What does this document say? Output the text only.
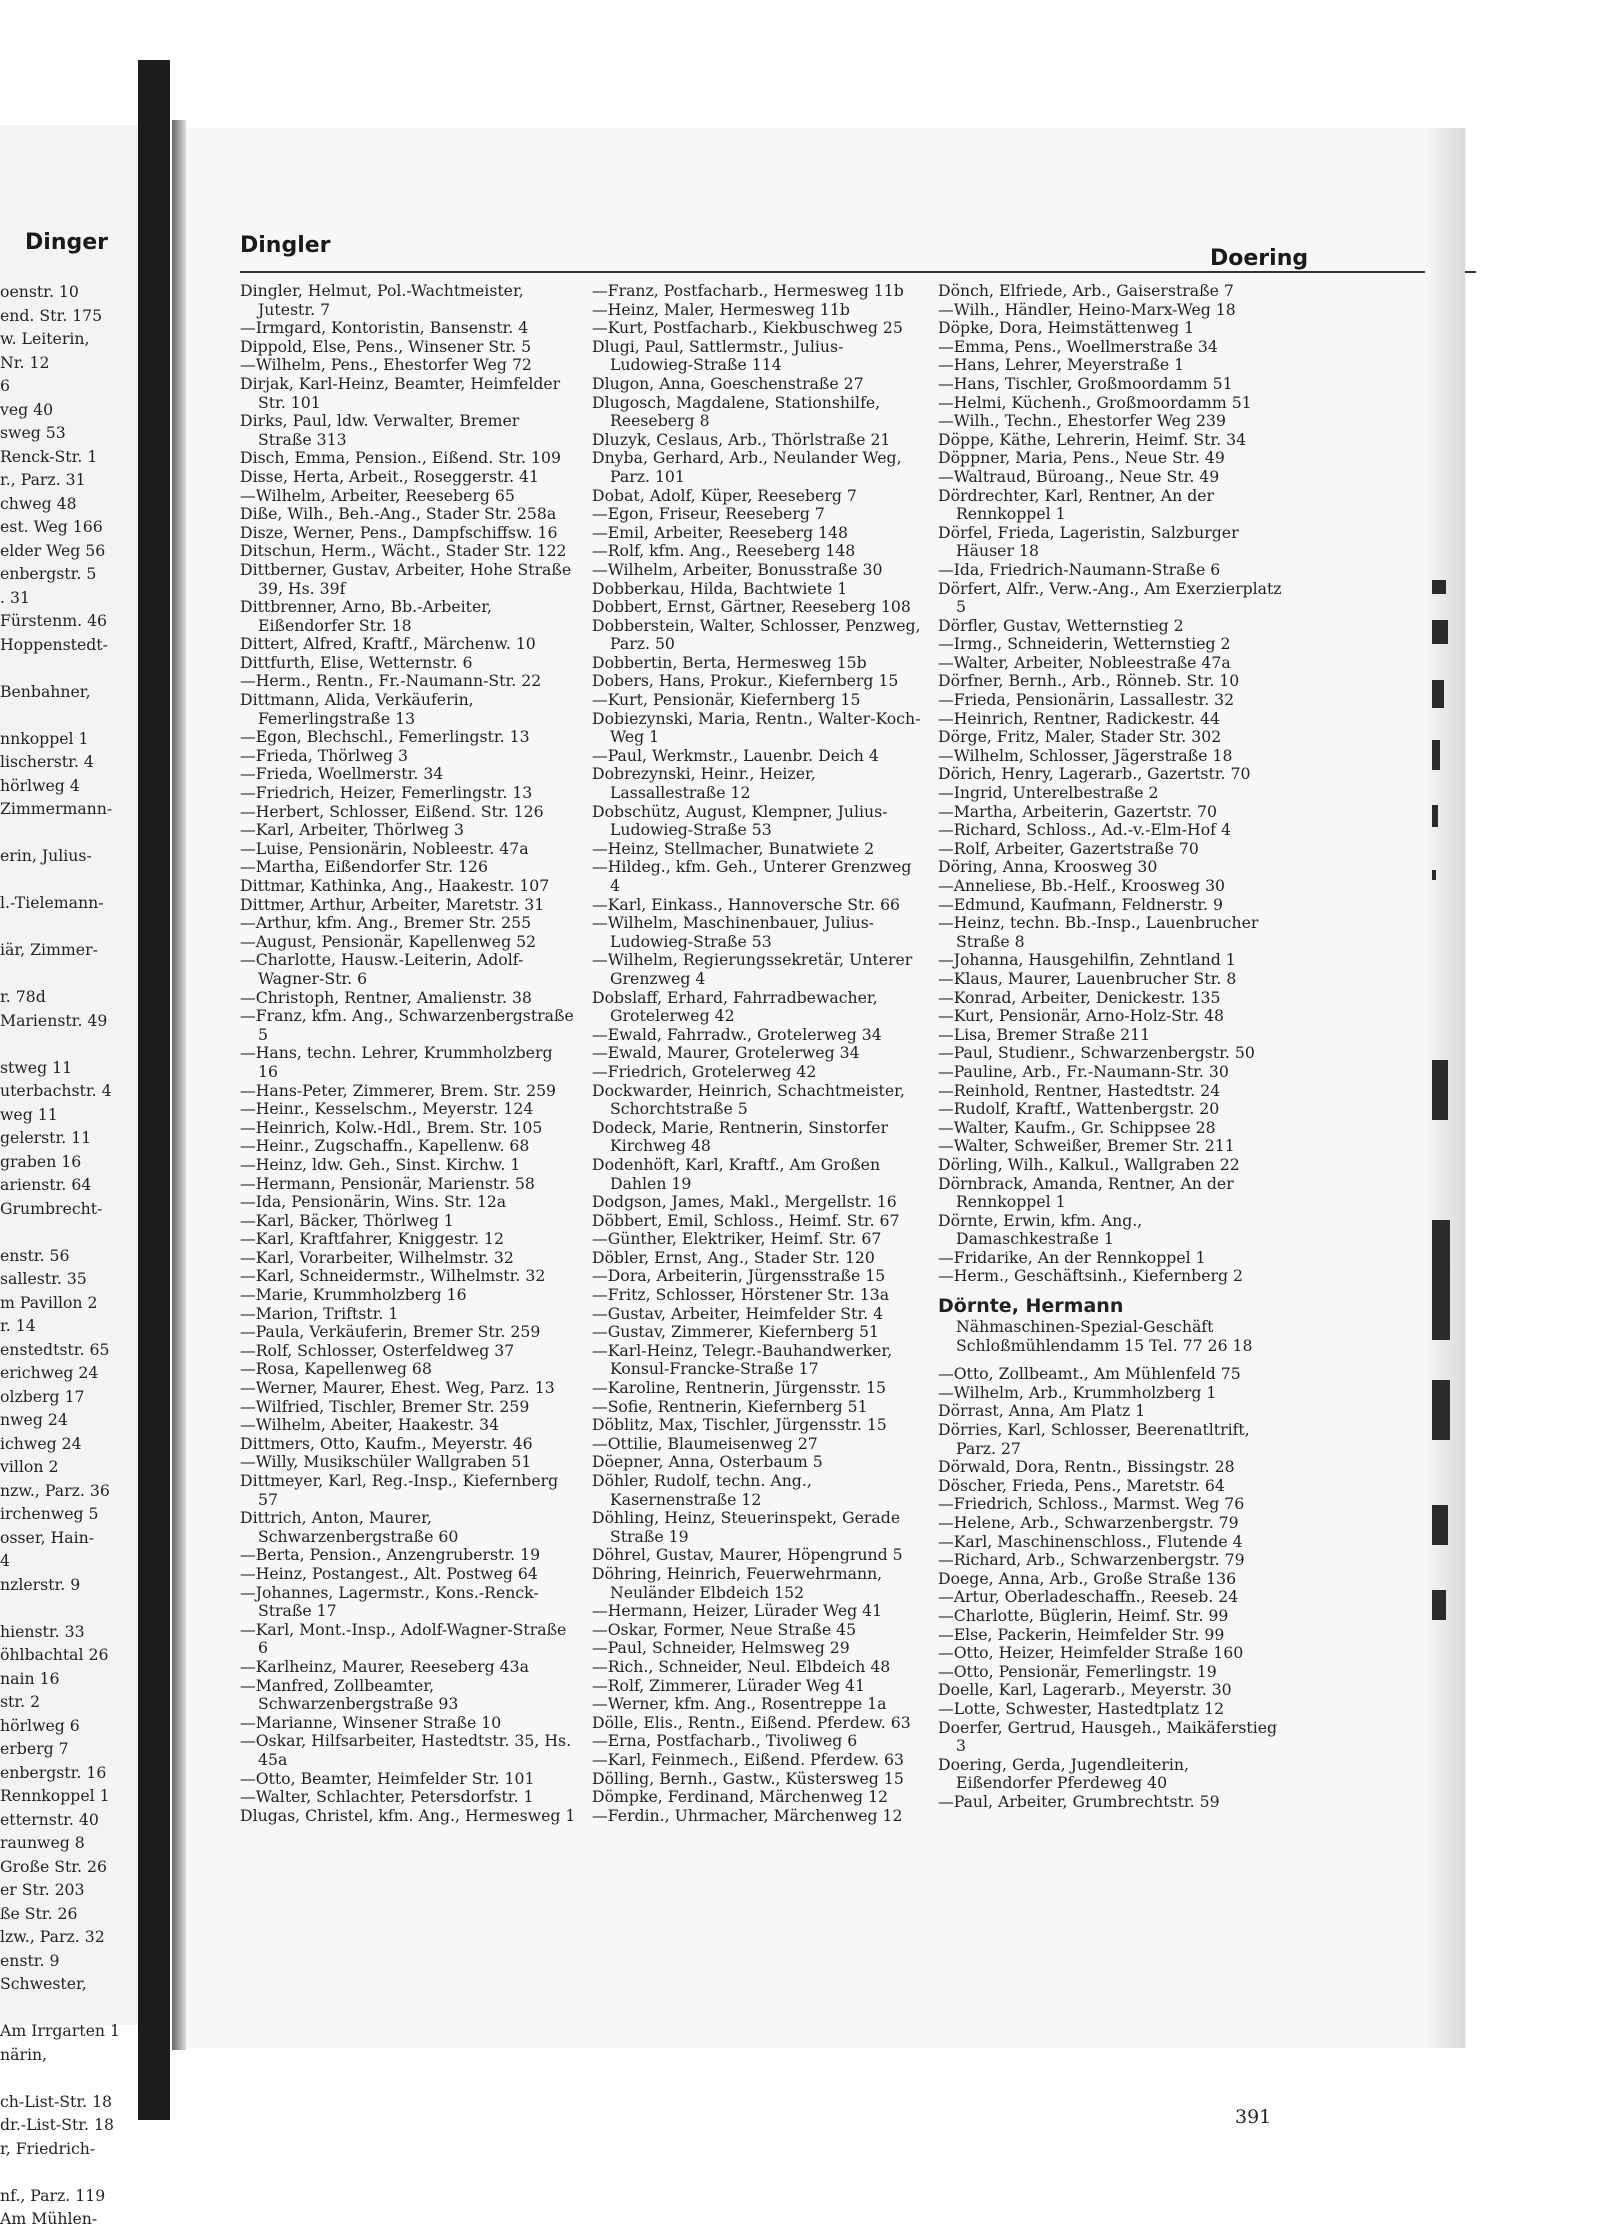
Dinger
oenstr. 10
end. Str. 175
w. Leiterin,
Nr. 12
6
veg 40
sweg 53
Renck-Str. 1
r., Parz. 31
chweg 48
est. Weg 166
elder Weg 56
enbergstr. 5
. 31
Fürstenm. 46
Hoppenstedt-

Benbahner,

nnkoppel 1
lischerstr. 4
hörlweg 4
Zimmermann-

erin, Julius-

l.-Tielemann-

iär, Zimmer-

r. 78d
Marienstr. 49

stweg 11
uterbachstr. 4
weg 11
gelerstr. 11
graben 16
arienstr. 64
Grumbrecht-

enstr. 56
sallestr. 35
m Pavillon 2
r. 14
enstedtstr. 65
erichweg 24
olzberg 17
nweg 24
ichweg 24
villon 2
nzw., Parz. 36
irchenweg 5
osser, Hain-
4
nzlerstr. 9

hienstr. 33
öhlbachtal 26
nain 16
str. 2
hörlweg 6
erberg 7
enbergstr. 16
Rennkoppel 1
etternstr. 40
raunweg 8
Große Str. 26
er Str. 203
ße Str. 26
lzw., Parz. 32
enstr. 9
Schwester,

Am Irrgarten 1
närin,

ch-List-Str. 18
dr.-List-Str. 18
r, Friedrich-

nf., Parz. 119
Am Mühlen-
Dingler
Doering

Dingler, Helmut, Pol.-Wachtmeister, Jutestr. 7

—Irmgard, Kontoristin, Bansenstr. 4

Dippold, Else, Pens., Winsener Str. 5

—Wilhelm, Pens., Ehestorfer Weg 72

Dirjak, Karl-Heinz, Beamter, Heimfelder Str. 101

Dirks, Paul, ldw. Verwalter, Bremer Straße 313

Disch, Emma, Pension., Eißend. Str. 109

Disse, Herta, Arbeit., Roseggerstr. 41

—Wilhelm, Arbeiter, Reeseberg 65

Diße, Wilh., Beh.-Ang., Stader Str. 258a

Disze, Werner, Pens., Dampfschiffsw. 16

Ditschun, Herm., Wächt., Stader Str. 122

Dittberner, Gustav, Arbeiter, Hohe Straße 39, Hs. 39f

Dittbrenner, Arno, Bb.-Arbeiter, Eißendorfer Str. 18

Dittert, Alfred, Kraftf., Märchenw. 10

Dittfurth, Elise, Wetternstr. 6

—Herm., Rentn., Fr.-Naumann-Str. 22

Dittmann, Alida, Verkäuferin, Femerlingstraße 13

—Egon, Blechschl., Femerlingstr. 13

—Frieda, Thörlweg 3

—Frieda, Woellmerstr. 34

—Friedrich, Heizer, Femerlingstr. 13

—Herbert, Schlosser, Eißend. Str. 126

—Karl, Arbeiter, Thörlweg 3

—Luise, Pensionärin, Nobleestr. 47a

—Martha, Eißendorfer Str. 126

Dittmar, Kathinka, Ang., Haakestr. 107

Dittmer, Arthur, Arbeiter, Maretstr. 31

—Arthur, kfm. Ang., Bremer Str. 255

—August, Pensionär, Kapellenweg 52

—Charlotte, Hausw.-Leiterin, Adolf-Wagner-Str. 6

—Christoph, Rentner, Amalienstr. 38

—Franz, kfm. Ang., Schwarzenbergstraße 5

—Hans, techn. Lehrer, Krummholzberg 16

—Hans-Peter, Zimmerer, Brem. Str. 259

—Heinr., Kesselschm., Meyerstr. 124

—Heinrich, Kolw.-Hdl., Brem. Str. 105

—Heinr., Zugschaffn., Kapellenw. 68

—Heinz, ldw. Geh., Sinst. Kirchw. 1

—Hermann, Pensionär, Marienstr. 58

—Ida, Pensionärin, Wins. Str. 12a

—Karl, Bäcker, Thörlweg 1

—Karl, Kraftfahrer, Kniggestr. 12

—Karl, Vorarbeiter, Wilhelmstr. 32

—Karl, Schneidermstr., Wilhelmstr. 32

—Marie, Krummholzberg 16

—Marion, Triftstr. 1

—Paula, Verkäuferin, Bremer Str. 259

—Rolf, Schlosser, Osterfeldweg 37

—Rosa, Kapellenweg 68

—Werner, Maurer, Ehest. Weg, Parz. 13

—Wilfried, Tischler, Bremer Str. 259

—Wilhelm, Abeiter, Haakestr. 34

Dittmers, Otto, Kaufm., Meyerstr. 46

—Willy, Musikschüler Wallgraben 51

Dittmeyer, Karl, Reg.-Insp., Kiefernberg 57

Dittrich, Anton, Maurer, Schwarzenbergstraße 60

—Berta, Pension., Anzengruberstr. 19

—Heinz, Postangest., Alt. Postweg 64

—Johannes, Lagermstr., Kons.-Renck-Straße 17

—Karl, Mont.-Insp., Adolf-Wagner-Straße 6

—Karlheinz, Maurer, Reeseberg 43a

—Manfred, Zollbeamter, Schwarzenbergstraße 93

—Marianne, Winsener Straße 10

—Oskar, Hilfsarbeiter, Hastedtstr. 35, Hs. 45a

—Otto, Beamter, Heimfelder Str. 101

—Walter, Schlachter, Petersdorfstr. 1

Dlugas, Christel, kfm. Ang., Hermesweg 1

—Franz, Postfacharb., Hermesweg 11b

—Heinz, Maler, Hermesweg 11b

—Kurt, Postfacharb., Kiekbuschweg 25

Dlugi, Paul, Sattlermstr., Julius-Ludowieg-Straße 114

Dlugon, Anna, Goeschenstraße 27

Dlugosch, Magdalene, Stationshilfe, Reeseberg 8

Dluzyk, Ceslaus, Arb., Thörlstraße 21

Dnyba, Gerhard, Arb., Neulander Weg, Parz. 101

Dobat, Adolf, Küper, Reeseberg 7

—Egon, Friseur, Reeseberg 7

—Emil, Arbeiter, Reeseberg 148

—Rolf, kfm. Ang., Reeseberg 148

—Wilhelm, Arbeiter, Bonusstraße 30

Dobberkau, Hilda, Bachtwiete 1

Dobbert, Ernst, Gärtner, Reeseberg 108

Dobberstein, Walter, Schlosser, Penzweg, Parz. 50

Dobbertin, Berta, Hermesweg 15b

Dobers, Hans, Prokur., Kiefernberg 15

—Kurt, Pensionär, Kiefernberg 15

Dobiezynski, Maria, Rentn., Walter-Koch-Weg 1

—Paul, Werkmstr., Lauenbr. Deich 4

Dobrezynski, Heinr., Heizer, Lassallestraße 12

Dobschütz, August, Klempner, Julius-Ludowieg-Straße 53

—Heinz, Stellmacher, Bunatwiete 2

—Hildeg., kfm. Geh., Unterer Grenzweg 4

—Karl, Einkass., Hannoversche Str. 66

—Wilhelm, Maschinenbauer, Julius-Ludowieg-Straße 53

—Wilhelm, Regierungssekretär, Unterer Grenzweg 4

Dobslaff, Erhard, Fahrradbewacher, Grotelerweg 42

—Ewald, Fahrradw., Grotelerweg 34

—Ewald, Maurer, Grotelerweg 34

—Friedrich, Grotelerweg 42

Dockwarder, Heinrich, Schachtmeister, Schorchtstraße 5

Dodeck, Marie, Rentnerin, Sinstorfer Kirchweg 48

Dodenhöft, Karl, Kraftf., Am Großen Dahlen 19

Dodgson, James, Makl., Mergellstr. 16

Döbbert, Emil, Schloss., Heimf. Str. 67

—Günther, Elektriker, Heimf. Str. 67

Döbler, Ernst, Ang., Stader Str. 120

—Dora, Arbeiterin, Jürgensstraße 15

—Fritz, Schlosser, Hörstener Str. 13a

—Gustav, Arbeiter, Heimfelder Str. 4

—Gustav, Zimmerer, Kiefernberg 51

—Karl-Heinz, Telegr.-Bauhandwerker, Konsul-Francke-Straße 17

—Karoline, Rentnerin, Jürgensstr. 15

—Sofie, Rentnerin, Kiefernberg 51

Döblitz, Max, Tischler, Jürgensstr. 15

—Ottilie, Blaumeisenweg 27

Döepner, Anna, Osterbaum 5

Döhler, Rudolf, techn. Ang., Kasernenstraße 12

Döhling, Heinz, Steuerinspekt, Gerade Straße 19

Döhrel, Gustav, Maurer, Höpengrund 5

Döhring, Heinrich, Feuerwehrmann, Neuländer Elbdeich 152

—Hermann, Heizer, Lürader Weg 41

—Oskar, Former, Neue Straße 45

—Paul, Schneider, Helmsweg 29

—Rich., Schneider, Neul. Elbdeich 48

—Rolf, Zimmerer, Lürader Weg 41

—Werner, kfm. Ang., Rosentreppe 1a

Dölle, Elis., Rentn., Eißend. Pferdew. 63

—Erna, Postfacharb., Tivoliweg 6

—Karl, Feinmech., Eißend. Pferdew. 63

Dölling, Bernh., Gastw., Küstersweg 15

Dömpke, Ferdinand, Märchenweg 12

—Ferdin., Uhrmacher, Märchenweg 12

Dönch, Elfriede, Arb., Gaiserstraße 7

—Wilh., Händler, Heino-Marx-Weg 18

Döpke, Dora, Heimstättenweg 1

—Emma, Pens., Woellmerstraße 34

—Hans, Lehrer, Meyerstraße 1

—Hans, Tischler, Großmoordamm 51

—Helmi, Küchenh., Großmoordamm 51

—Wilh., Techn., Ehestorfer Weg 239

Döppe, Käthe, Lehrerin, Heimf. Str. 34

Döppner, Maria, Pens., Neue Str. 49

—Waltraud, Büroang., Neue Str. 49

Dördrechter, Karl, Rentner, An der Rennkoppel 1

Dörfel, Frieda, Lageristin, Salzburger Häuser 18

—Ida, Friedrich-Naumann-Straße 6

Dörfert, Alfr., Verw.-Ang., Am Exerzierplatz 5

Dörfler, Gustav, Wetternstieg 2

—Irmg., Schneiderin, Wetternstieg 2

—Walter, Arbeiter, Nobleestraße 47a

Dörfner, Bernh., Arb., Rönneb. Str. 10

—Frieda, Pensionärin, Lassallestr. 32

—Heinrich, Rentner, Radickestr. 44

Dörge, Fritz, Maler, Stader Str. 302

—Wilhelm, Schlosser, Jägerstraße 18

Dörich, Henry, Lagerarb., Gazertstr. 70

—Ingrid, Unterelbestraße 2

—Martha, Arbeiterin, Gazertstr. 70

—Richard, Schloss., Ad.-v.-Elm-Hof 4

—Rolf, Arbeiter, Gazertstraße 70

Döring, Anna, Kroosweg 30

—Anneliese, Bb.-Helf., Kroosweg 30

—Edmund, Kaufmann, Feldnerstr. 9

—Heinz, techn. Bb.-Insp., Lauenbrucher Straße 8

—Johanna, Hausgehilfin, Zehntland 1

—Klaus, Maurer, Lauenbrucher Str. 8

—Konrad, Arbeiter, Denickestr. 135

—Kurt, Pensionär, Arno-Holz-Str. 48

—Lisa, Bremer Straße 211

—Paul, Studienr., Schwarzenbergstr. 50

—Pauline, Arb., Fr.-Naumann-Str. 30

—Reinhold, Rentner, Hastedtstr. 24

—Rudolf, Kraftf., Wattenbergstr. 20

—Walter, Kaufm., Gr. Schippsee 28

—Walter, Schweißer, Bremer Str. 211

Dörling, Wilh., Kalkul., Wallgraben 22

Dörnbrack, Amanda, Rentner, An der Rennkoppel 1

Dörnte, Erwin, kfm. Ang., Damaschkestraße 1

—Fridarike, An der Rennkoppel 1

—Herm., Geschäftsinh., Kiefernberg 2

Dörnte, Hermann

Nähmaschinen-Spezial-Geschäft

Schloßmühlendamm 15 Tel. 77 26 18

—Otto, Zollbeamt., Am Mühlenfeld 75

—Wilhelm, Arb., Krummholzberg 1

Dörrast, Anna, Am Platz 1

Dörries, Karl, Schlosser, Beerenatltrift, Parz. 27

Dörwald, Dora, Rentn., Bissingstr. 28

Döscher, Frieda, Pens., Maretstr. 64

—Friedrich, Schloss., Marmst. Weg 76

—Helene, Arb., Schwarzenbergstr. 79

—Karl, Maschinenschloss., Flutende 4

—Richard, Arb., Schwarzenbergstr. 79

Doege, Anna, Arb., Große Straße 136

—Artur, Oberladeschaffn., Reeseb. 24

—Charlotte, Büglerin, Heimf. Str. 99

—Else, Packerin, Heimfelder Str. 99

—Otto, Heizer, Heimfelder Straße 160

—Otto, Pensionär, Femerlingstr. 19

Doelle, Karl, Lagerarb., Meyerstr. 30

—Lotte, Schwester, Hastedtplatz 12

Doerfer, Gertrud, Hausgeh., Maikäferstieg 3

Doering, Gerda, Jugendleiterin, Eißendorfer Pferdeweg 40

—Paul, Arbeiter, Grumbrechtstr. 59

391
